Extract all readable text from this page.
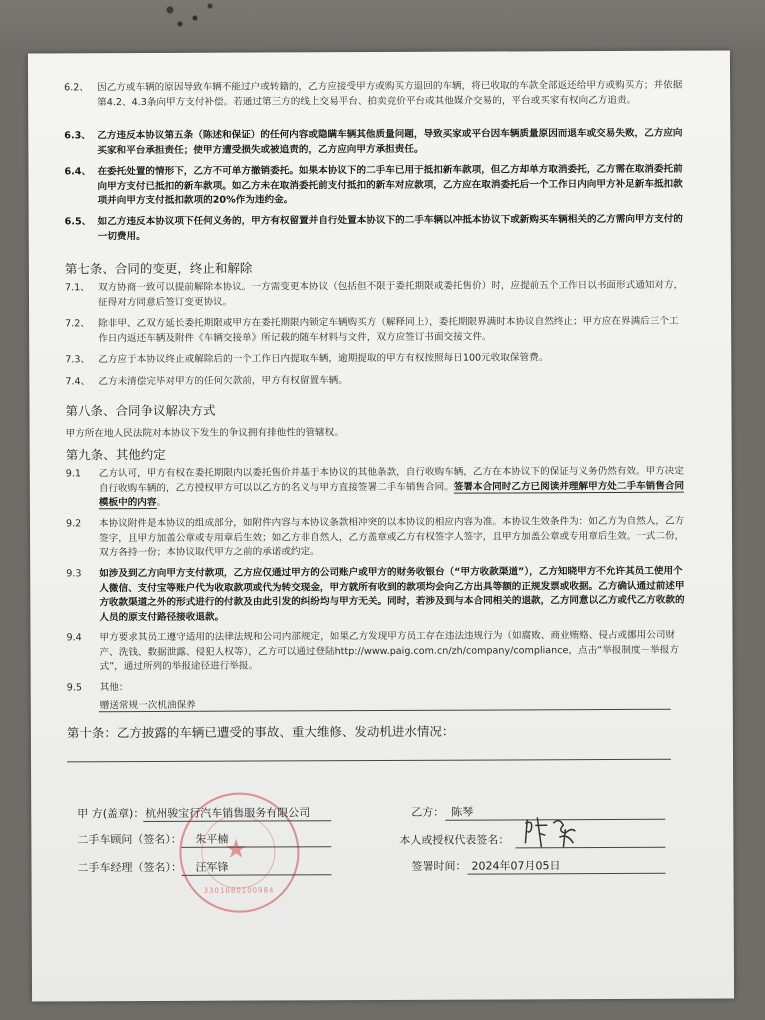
6.2、 因乙方或车辆的原因导致车辆不能过户或转籍的，乙方应接受甲方或购买方退回的车辆，将已收取的车款全部返还给甲方或购买方；并依据第4.2、4.3条向甲方支付补偿。若通过第三方的线上交易平台、拍卖竞价平台或其他媒介交易的，平台或买家有权向乙方追责。
6.3、 乙方违反本协议第五条（陈述和保证）的任何内容或隐瞒车辆其他质量问题，导致买家或平台因车辆质量原因而退车或交易失败，乙方应向买家和平台承担责任；使甲方遭受损失或被追责的，乙方应向甲方承担责任。
6.4、 在委托处置的情形下，乙方不可单方撤销委托。如果本协议下的二手车已用于抵扣新车款项，但乙方却单方取消委托，乙方需在取消委托前向甲方支付已抵扣的新车款项。如乙方未在取消委托前支付抵扣的新车对应款项，乙方应在取消委托后一个工作日内向甲方补足新车抵扣款项并向甲方支付抵扣款项的20%作为违约金。
6.5、 如乙方违反本协议项下任何义务的，甲方有权留置并自行处置本协议下的二手车辆以冲抵本协议下或新购买车辆相关的乙方需向甲方支付的一切费用。
第七条、合同的变更，终止和解除
7.1、 双方协商一致可以提前解除本协议。一方需变更本协议（包括但不限于委托期限或委托售价）时，应提前五个工作日以书面形式通知对方，征得对方同意后签订变更协议。
7.2、 除非甲、乙双方延长委托期限或甲方在委托期限内锁定车辆购买方（解释同上），委托期限界满时本协议自然终止；甲方应在界满后三个工作日内返还车辆及附件《车辆交接单》所记载的随车材料与文件，双方应签订书面交接文件。
7.3、 乙方应于本协议终止或解除后的一个工作日内提取车辆，逾期提取的甲方有权按照每日100元收取保管费。
7.4、 乙方未清偿完毕对甲方的任何欠款前，甲方有权留置车辆。
第八条、合同争议解决方式
甲方所在地人民法院对本协议下发生的争议拥有排他性的管辖权。
第九条、其他约定
9.1	乙方认可，甲方有权在委托期限内以委托售价并基于本协议的其他条款，自行收购车辆，乙方在本协议下的保证与义务仍然有效。甲方决定自行收购车辆的，乙方授权甲方可以以乙方的名义与甲方直接签署二手车销售合同。签署本合同时乙方已阅读并理解甲方处二手车销售合同模板中的内容。
9.2	本协议附件是本协议的组成部分，如附件内容与本协议条款相冲突的以本协议的相应内容为准。本协议生效条件为：如乙方为自然人，乙方签字，且甲方加盖公章或专用章后生效；如乙方非自然人，乙方盖章或乙方有权签字人签字，且甲方加盖公章或专用章后生效。一式二份，双方各持一份；本协议取代甲方之前的承诺或约定。
9.3	如涉及到乙方向甲方支付款项，乙方应仅通过甲方的公司账户或甲方的财务收银台（“甲方收款渠道”），乙方知晓甲方不允许其员工使用个人微信、支付宝等账户代为收取款项或代为转交现金，甲方就所有收到的款项均会向乙方出具等额的正规发票或收据。乙方确认通过前述甲方收款渠道之外的形式进行的付款及由此引发的纠纷均与甲方无关。同时，若涉及到与本合同相关的退款，乙方同意以乙方或代乙方收款的人员的原支付路径接收退款。
9.4	甲方要求其员工遵守适用的法律法规和公司内部规定，如果乙方发现甲方员工存在违法违规行为（如腐败、商业贿赂、侵占或挪用公司财产、洗钱、数据泄露、侵犯人权等），乙方可以通过登陆http://www.paig.com.cn/zh/company/compliance，点击“举报制度－举报方式”，通过所列的举报途径进行举报。
9.5	其他：
赠送常规一次机油保养
第十条：乙方披露的车辆已遭受的事故、重大维修、发动机进水情况：
★
3301080100984
甲 方(盖章)： 杭州骏宝行汽车销售服务有限公司
二手车顾问（签名）： 朱平楠
二手车经理（签名）： 汪军锋
乙方： 陈琴
本人或授权代表签名：
签署时间： 2024年07月05日
